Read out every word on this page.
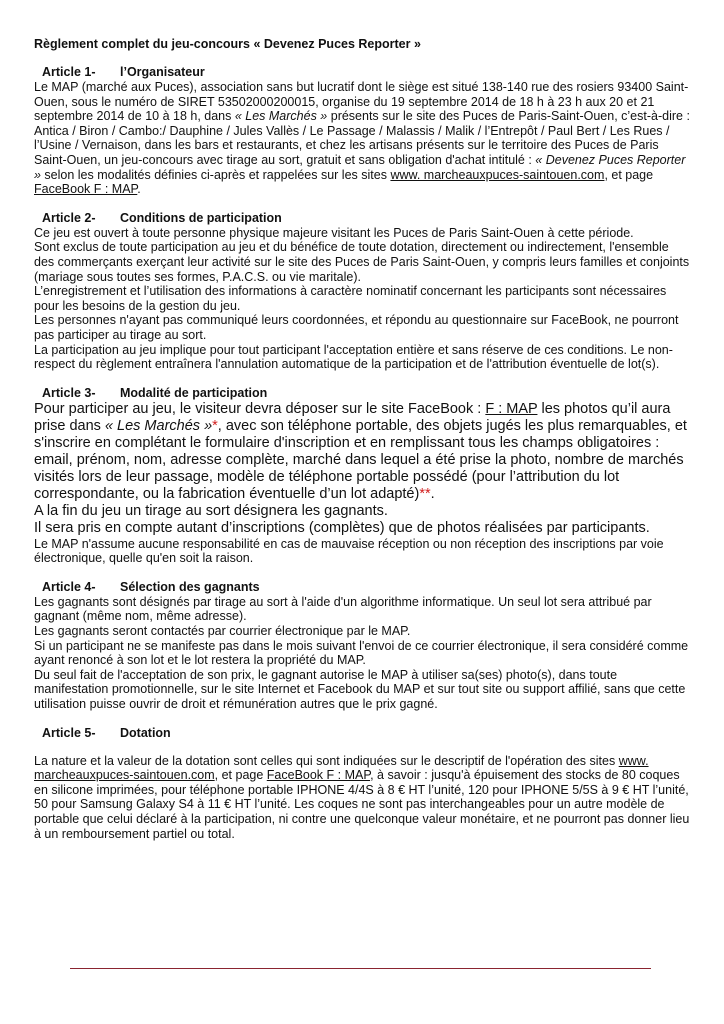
Règlement complet du jeu-concours « Devenez Puces Reporter »

Article 1- l’Organisateur

Le MAP (marché aux Puces), association sans but lucratif dont le siège est situé 138-140 rue des rosiers 93400 Saint-Ouen, sous le numéro de SIRET 53502000200015, organise du 19 septembre 2014 de 18 h à 23 h aux 20 et 21 septembre 2014 de 10 à 18 h, dans « Les Marchés » présents sur le site des Puces de Paris-Saint-Ouen, c’est-à-dire : Antica / Biron / Cambo:/ Dauphine / Jules Vallès / Le Passage / Malassis / Malik / l’Entrepôt / Paul Bert / Les Rues / l’Usine / Vernaison, dans les bars et restaurants, et chez les artisans présents sur le territoire des Puces de Paris Saint-Ouen, un jeu-concours avec tirage au sort, gratuit et sans obligation d'achat intitulé : « Devenez Puces Reporter » selon les modalités définies ci-après et rappelées sur les sites www. marcheauxpuces-saintouen.com, et page FaceBook F : MAP.

Article 2- Conditions de participation

Ce jeu est ouvert à toute personne physique majeure visitant les Puces de Paris Saint-Ouen à cette période.

Sont exclus de toute participation au jeu et du bénéfice de toute dotation, directement ou indirectement, l'ensemble des commerçants exerçant leur activité sur le site des Puces de Paris Saint-Ouen, y compris leurs familles et conjoints (mariage sous toutes ses formes, P.A.C.S. ou vie maritale).

L’enregistrement et l’utilisation des informations à caractère nominatif concernant les participants sont nécessaires pour les besoins de la gestion du jeu.

Les personnes n'ayant pas communiqué leurs coordonnées, et répondu au questionnaire sur FaceBook, ne pourront pas participer au tirage au sort.

La participation au jeu implique pour tout participant l'acceptation entière et sans réserve de ces conditions. Le non-respect du règlement entraînera l'annulation automatique de la participation et de l'attribution éventuelle de lot(s).

Article 3- Modalité de participation

Pour participer au jeu, le visiteur devra déposer sur le site FaceBook : F : MAP les photos qu’il aura prise dans « Les Marchés »*, avec son téléphone portable, des objets jugés les plus remarquables, et s'inscrire en complétant le formulaire d'inscription et en remplissant tous les champs obligatoires : email, prénom, nom, adresse complète, marché dans lequel a été prise la photo, nombre de marchés visités lors de leur passage, modèle de téléphone portable possédé (pour l’attribution du lot correspondante, ou la fabrication éventuelle d’un lot adapté)**.

A la fin du jeu un tirage au sort désignera les gagnants.

Il sera pris en compte autant d’inscriptions (complètes) que de photos réalisées par participants.

Le MAP n'assume aucune responsabilité en cas de mauvaise réception ou non réception des inscriptions par voie électronique, quelle qu'en soit la raison.

Article 4- Sélection des gagnants

Les gagnants sont désignés par tirage au sort à l'aide d'un algorithme informatique. Un seul lot sera attribué par gagnant (même nom, même adresse).

Les gagnants seront contactés par courrier électronique par le MAP.

Si un participant ne se manifeste pas dans le mois suivant l'envoi de ce courrier électronique, il sera considéré comme ayant renoncé à son lot et le lot restera la propriété du MAP.

Du seul fait de l'acceptation de son prix, le gagnant autorise le MAP à utiliser sa(ses) photo(s), dans toute manifestation promotionnelle, sur le site Internet et Facebook du MAP et sur tout site ou support affilié, sans que cette utilisation puisse ouvrir de droit et rémunération autres que le prix gagné.

Article 5- Dotation

La nature et la valeur de la dotation sont celles qui sont indiquées sur le descriptif de l'opération des sites www. marcheauxpuces-saintouen.com, et page FaceBook F : MAP, à savoir : jusqu'à épuisement des stocks de 80 coques en silicone imprimées, pour téléphone portable IPHONE 4/4S à 8 € HT l’unité, 120 pour IPHONE 5/5S à 9 € HT l’unité, 50 pour Samsung Galaxy S4 à 11 € HT l’unité. Les coques ne sont pas interchangeables pour un autre modèle de portable que celui déclaré à la participation, ni contre une quelconque valeur monétaire, et ne pourront pas donner lieu à un remboursement partiel ou total.
